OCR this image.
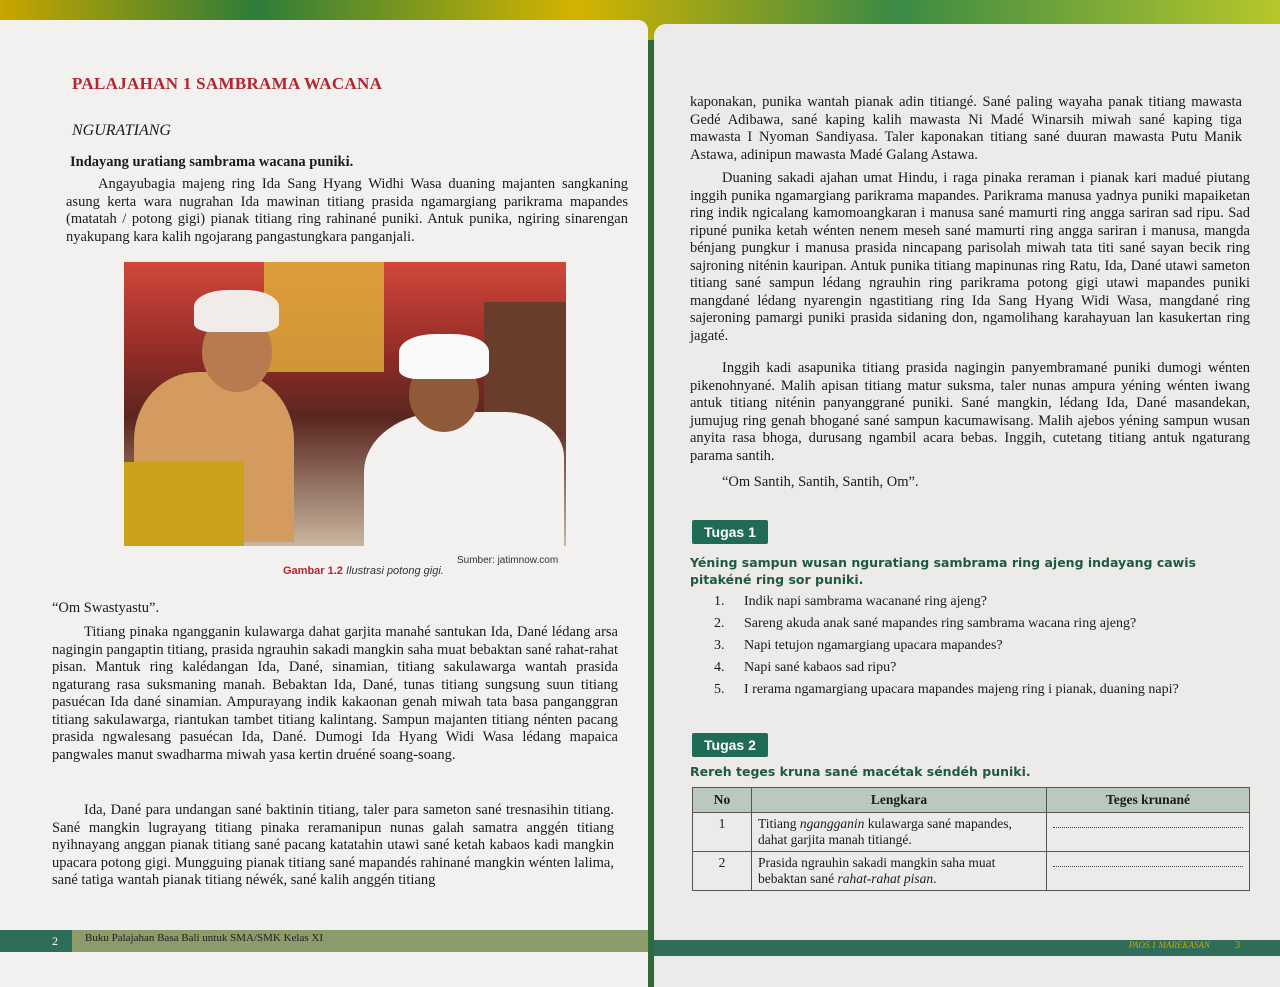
PALAJAHAN 1 SAMBRAMA WACANA

NGURATIANG

Indayang uratiang sambrama wacana puniki.

Angayubagia majeng ring Ida Sang Hyang Widhi Wasa duaning majanten sangkaning asung kerta wara nugrahan Ida mawinan titiang prasida ngamargiang parikrama mapandes (matatah / potong gigi) pianak titiang ring rahinané puniki. Antuk punika, ngiring sinarengan nyakupang kara kalih ngojarang pangastungkara panganjali.

Sumber: jatimnow.com
Gambar 1.2 Ilustrasi potong gigi.

“Om Swastyastu”.

Titiang pinaka ngangganin kulawarga dahat garjita manahé santukan Ida, Dané lédang arsa nagingin pangaptin titiang, prasida ngrauhin sakadi mangkin saha muat bebaktan sané rahat-rahat pisan. Mantuk ring kalédangan Ida, Dané, sinamian, titiang sakulawarga wantah prasida ngaturang rasa suksmaning manah. Bebaktan Ida, Dané, tunas titiang sungsung suun titiang pasuécan Ida dané sinamian. Ampurayang indik kakaonan genah miwah tata basa panganggran titiang sakulawarga, riantukan tambet titiang kalintang. Sampun majanten titiang nénten pacang prasida ngwalesang pasuécan Ida, Dané. Dumogi Ida Hyang Widi Wasa lédang mapaica pangwales manut swadharma miwah yasa kertin druéné soang-soang.

Ida, Dané para undangan sané baktinin titiang, taler para sameton sané tresnasihin titiang. Sané mangkin lugrayang titiang pinaka reramanipun nunas galah samatra anggén titiang nyihnayang anggan pianak titiang sané pacang katatahin utawi sané ketah kabaos kadi mangkin upacara potong gigi. Mungguing pianak titiang sané mapandés rahinané mangkin wénten lalima, sané tatiga wantah pianak titiang néwék, sané kalih anggén titiang

2	Buku Palajahan Basa Bali untuk SMA/SMK Kelas XI

kaponakan, punika wantah pianak adin titiangé. Sané paling wayaha panak titiang mawasta Gedé Adibawa, sané kaping kalih mawasta Ni Madé Winarsih miwah sané kaping tiga mawasta I Nyoman Sandiyasa. Taler kaponakan titiang sané duuran mawasta Putu Manik Astawa, adinipun mawasta Madé Galang Astawa.

Duaning sakadi ajahan umat Hindu, i raga pinaka reraman i pianak kari madué piutang inggih punika ngamargiang parikrama mapandes. Parikrama manusa yadnya puniki mapaiketan ring indik ngicalang kamomoangkaran i manusa sané mamurti ring angga sariran sad ripu. Sad ripuné punika ketah wénten nenem meseh sané mamurti ring angga sariran i manusa, mangda bénjang pungkur i manusa prasida nincapang parisolah miwah tata titi sané sayan becik ring sajroning niténin kauripan. Antuk punika titiang mapinunas ring Ratu, Ida, Dané utawi sameton titiang sané sampun lédang ngrauhin ring parikrama potong gigi utawi mapandes puniki mangdané lédang nyarengin ngastitiang ring Ida Sang Hyang Widi Wasa, mangdané ring sajeroning pamargi puniki prasida sidaning don, ngamolihang karahayuan lan kasukertan ring jagaté.

Inggih kadi asapunika titiang prasida nagingin panyembramané puniki dumogi wénten pikenohnyané. Malih apisan titiang matur suksma, taler nunas ampura yéning wénten iwang antuk titiang niténin panyanggrané puniki. Sané mangkin, lédang Ida, Dané masandekan, jumujug ring genah bhogané sané sampun kacumawisang. Malih ajebos yéning sampun wusan anyita rasa bhoga, durusang ngambil acara bebas. Inggih, cutetang titiang antuk ngaturang parama santih.

“Om Santih, Santih, Santih, Om”.

Tugas 1
Yéning sampun wusan nguratiang sambrama ring ajeng indayang cawis pitakéné ring sor puniki.
1. Indik napi sambrama wacanané ring ajeng?
2. Sareng akuda anak sané mapandes ring sambrama wacana ring ajeng?
3. Napi tetujon ngamargiang upacara mapandes?
4. Napi sané kabaos sad ripu?
5. I rerama ngamargiang upacara mapandes majeng ring i pianak, duaning napi?
Tugas 2
Rereh teges kruna sané macétak séndéh puniki.
No	Lengkara	Teges krunané
1	Titiang ngangganin kulawarga sané mapandes, dahat garjita manah titiangé.	

2	Prasida ngrauhin sakadi mangkin saha muat bebaktan sané rahat-rahat pisan.	
PAOS 1 MAREKASAN	3
